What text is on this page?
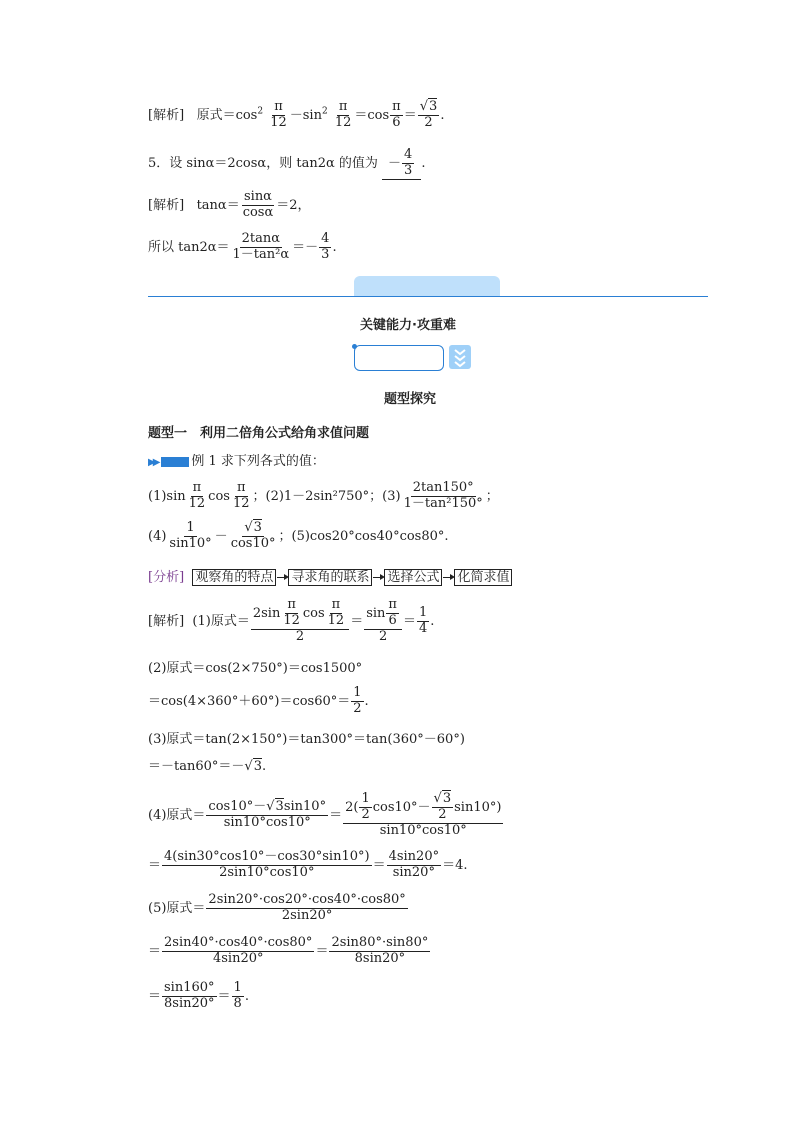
[解析] 原式$=\cos^2 \frac{\pi}{12} -\sin^2 \frac{\pi}{12} =\cos \frac{\pi}{6} = \frac{√3}{2}$ .
5．设 sinα＝2cosα，则 tan2α 的值为 － $\frac{4}{3}$ .
[解析] $\tan\alpha= \frac{\sin\alpha}{\cos\alpha} =2$，
所以 $\tan 2\alpha= \frac{2\tan\alpha}{\text{1－tan²α}} =- \frac{4}{3}$ .
关键能力·攻重难
题型探究
题型一　利用二倍角公式给角求值问题
▶▶	例 1 求下列各式的值：
$(1)\sin \frac{\pi}{12}$ $\cos \frac{\pi}{12}$ ；(2)1－2sin²750°；$(3) \frac{2\tan 150^\circ}{\text{1－tan²150°}}$ ；
$(4) \frac{1}{\sin 10^\circ} - \frac{√3}{\cos 10^\circ}$ ；(5)cos20°cos40°cos80°.
[分析] 观察角的特点 寻求角的联系 选择公式 化简求值
[解析] (1)原式＝ $\frac{2\sin \frac{\pi}{12} \cos \frac{\pi}{12}}{2} = \frac{\sin \frac{\pi}{6}}{2} = \frac{1}{4}$ .
(2)原式＝cos(2×750°)＝cos1500°
$=\cos(4\times 360^\circ+60^\circ)=\cos 60^\circ= \frac{1}{2}$ .
(3)原式＝tan(2×150°)＝tan300°＝tan(360°－60°)
＝－tan60°＝－√3.
(4)原式＝ $\frac{\cos 10^\circ-√3\sin 10^\circ}{\sin 10^\circ\cos 10^\circ} = \frac{2( \frac{1}{2} \cos 10^\circ- \frac{√3}{2} \sin 10^\circ)}{\sin 10^\circ\cos 10^\circ}$
＝ $\frac{4(\sin 30^\circ\cos 10^\circ-\cos 30^\circ\sin 10^\circ)}{2\sin 10^\circ\cos 10^\circ} = \frac{4\sin 20^\circ}{\sin 20^\circ} =4$.
(5)原式＝ $\frac{2\sin 20^\circ\cdot\cos 20^\circ\cdot\cos 40^\circ\cdot\cos 80^\circ}{2\sin 20^\circ}$
＝ $\frac{2\sin 40^\circ\cdot\cos 40^\circ\cdot\cos 80^\circ}{4\sin 20^\circ} = \frac{2\sin 80^\circ\cdot\sin 80^\circ}{8\sin 20^\circ}$
＝ $\frac{\sin 160^\circ}{8\sin 20^\circ} = \frac{1}{8}$ .
